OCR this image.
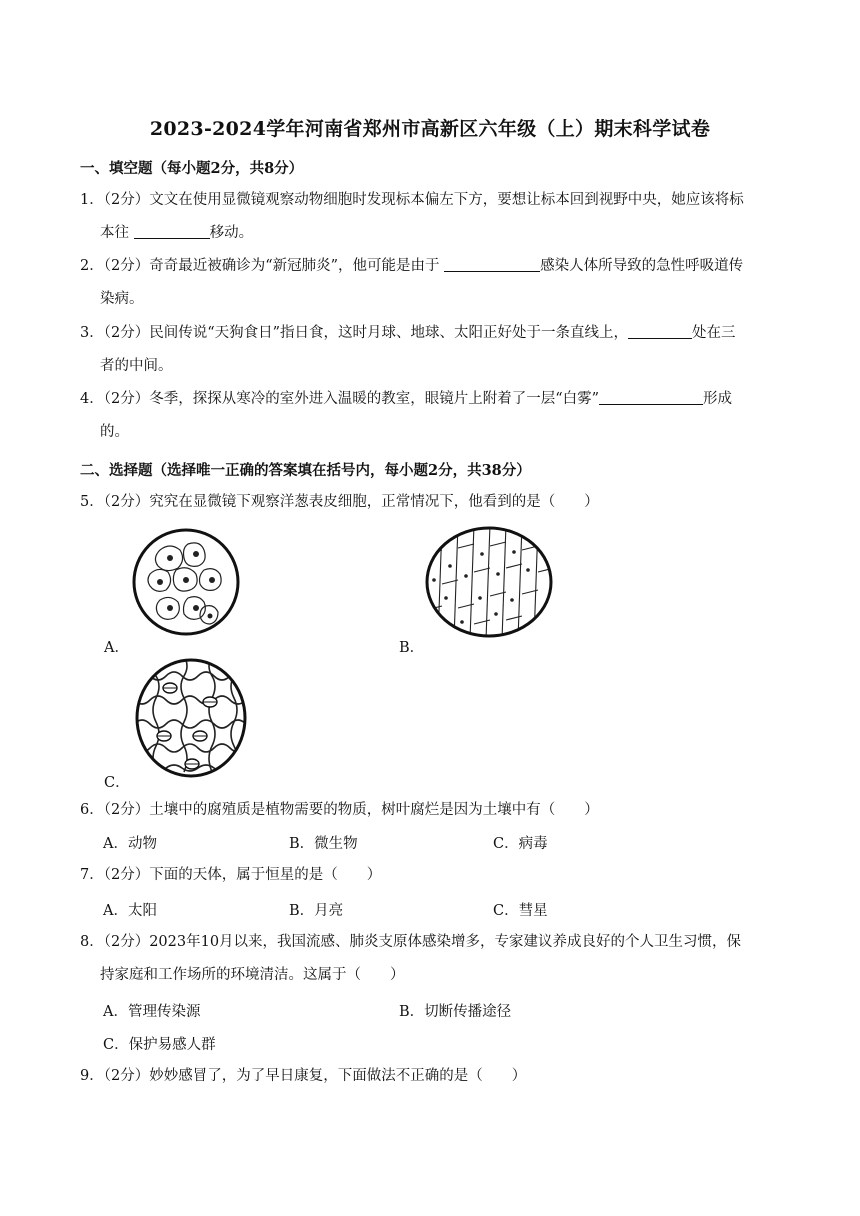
2023-2024学年河南省郑州市高新区六年级（上）期末科学试卷
一、填空题（每小题2分，共8分）
1．（2分）文文在使用显微镜观察动物细胞时发现标本偏左下方，要想让标本回到视野中央，她应该将标
本往	移动。
2．（2分）奇奇最近被确诊为“新冠肺炎”，他可能是由于	感染人体所导致的急性呼吸道传
染病。
3．（2分）民间传说“天狗食日”指日食，这时月球、地球、太阳正好处于一条直线上，	处在三
者的中间。
4．（2分）冬季，探探从寒冷的室外进入温暖的教室，眼镜片上附着了一层“白雾”	形成
的。
二、选择题（选择唯一正确的答案填在括号内，每小题2分，共38分）
5．（2分）究究在显微镜下观察洋葱表皮细胞，正常情况下，他看到的是（　　）
A．	B．
C．
6．（2分）土壤中的腐殖质是植物需要的物质，树叶腐烂是因为土壤中有（　　）
A．动物	B．微生物	C．病毒
7．（2分）下面的天体，属于恒星的是（　　）
A．太阳	B．月亮	C．彗星
8．（2分）2023年10月以来，我国流感、肺炎支原体感染增多，专家建议养成良好的个人卫生习惯，保
持家庭和工作场所的环境清洁。这属于（　　）
A．管理传染源	B．切断传播途径
C．保护易感人群
9．（2分）妙妙感冒了，为了早日康复，下面做法不正确的是（　　）
